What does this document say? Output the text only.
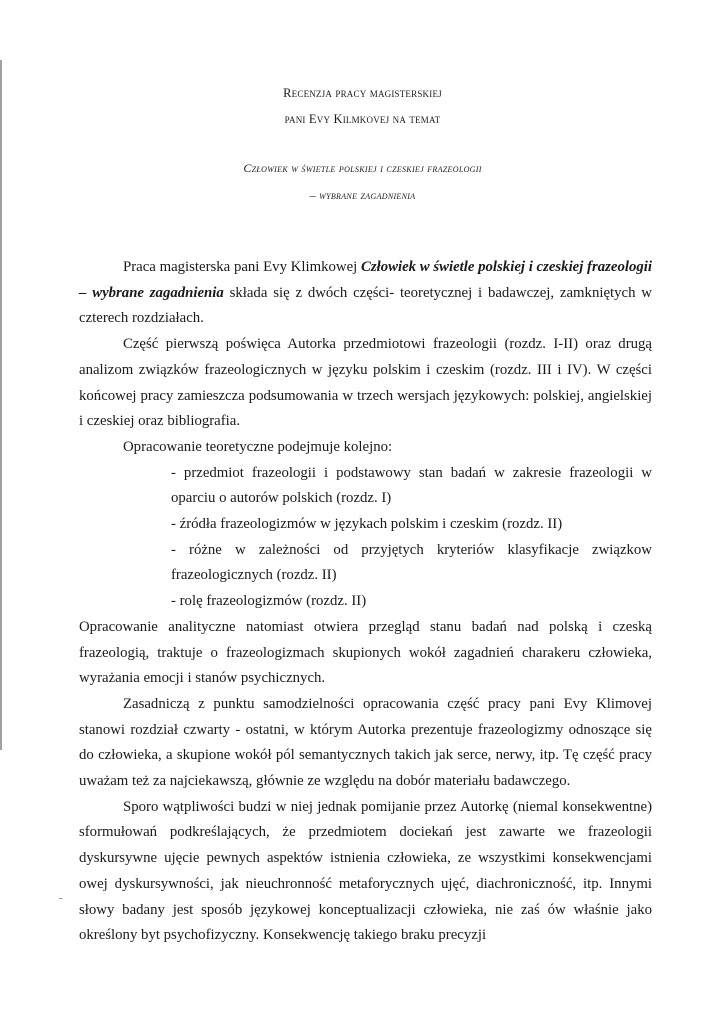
-
Recenzja pracy magisterskiej
pani Evy Kilmkovej na temat
Człowiek w świetle polskiej i czeskiej frazeologii
– wybrane zagadnienia

Praca magisterska pani Evy Klimkowej Człowiek w świetle polskiej i czeskiej frazeologii – wybrane zagadnienia składa się z dwóch części- teoretycznej i badawczej, zamkniętych w czterech rozdziałach.

Część pierwszą poświęca Autorka przedmiotowi frazeologii (rozdz. I-II) oraz drugą analizom związków frazeologicznych w języku polskim i czeskim (rozdz. III i IV). W części końcowej pracy zamieszcza podsumowania w trzech wersjach językowych: polskiej, angielskiej i czeskiej oraz bibliografia.

Opracowanie teoretyczne podejmuje kolejno:

- przedmiot frazeologii i podstawowy stan badań w zakresie frazeologii w oparciu o autorów polskich (rozdz. I)
- źródła frazeologizmów w językach polskim i czeskim (rozdz. II)
- różne w zależności od przyjętych kryteriów klasyfikacje związkow frazeologicznych (rozdz. II)
- rolę frazeologizmów (rozdz. II)

Opracowanie analityczne natomiast otwiera przegląd stanu badań nad polską i czeską frazeologią, traktuje o frazeologizmach skupionych wokół zagadnień charakeru człowieka, wyrażania emocji i stanów psychicznych.

Zasadniczą z punktu samodzielności opracowania część pracy pani Evy Klimovej stanowi rozdział czwarty - ostatni, w którym Autorka prezentuje frazeologizmy odnoszące się do człowieka, a skupione wokół pól semantycznych takich jak serce, nerwy, itp. Tę część pracy uważam też za najciekawszą, głównie ze względu na dobór materiału badawczego.

Sporo wątpliwości budzi w niej jednak pomijanie przez Autorkę (niemal konsekwentne) sformułowań podkreślających, że przedmiotem dociekań jest zawarte we frazeologii dyskursywne ujęcie pewnych aspektów istnienia człowieka, ze wszystkimi konsekwencjami owej dyskursywności, jak nieuchronność metaforycznych ujęć, diachroniczność, itp. Innymi słowy badany jest sposób językowej konceptualizacji człowieka, nie zaś ów właśnie jako określony byt psychofizyczny. Konsekwencję takiego braku precyzji
